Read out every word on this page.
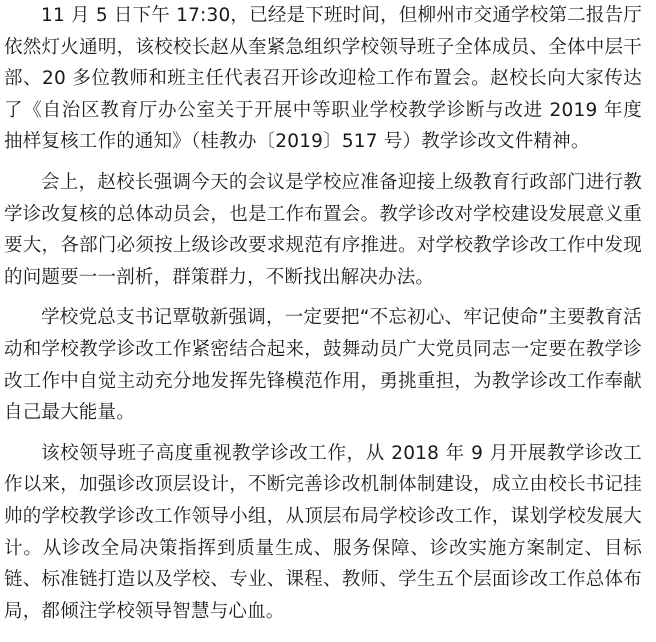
11 月 5 日下午 17:30，已经是下班时间，但柳州市交通学校第二报告厅依然灯火通明，该校校长赵从奎紧急组织学校领导班子全体成员、全体中层干部、20 多位教师和班主任代表召开诊改迎检工作布置会。赵校长向大家传达了《自治区教育厅办公室关于开展中等职业学校教学诊断与改进 2019 年度抽样复核工作的通知》（桂教办〔2019〕517 号）教学诊改文件精神。

会上，赵校长强调今天的会议是学校应准备迎接上级教育行政部门进行教学诊改复核的总体动员会，也是工作布置会。教学诊改对学校建设发展意义重要大，各部门必须按上级诊改要求规范有序推进。对学校教学诊改工作中发现的问题要一一剖析，群策群力，不断找出解决办法。

学校党总支书记覃敬新强调，一定要把“不忘初心、牢记使命”主要教育活动和学校教学诊改工作紧密结合起来，鼓舞动员广大党员同志一定要在教学诊改工作中自觉主动充分地发挥先锋模范作用，勇挑重担，为教学诊改工作奉献自己最大能量。

该校领导班子高度重视教学诊改工作，从 2018 年 9 月开展教学诊改工作以来，加强诊改顶层设计，不断完善诊改机制体制建设，成立由校长书记挂帅的学校教学诊改工作领导小组，从顶层布局学校诊改工作，谋划学校发展大计。从诊改全局决策指挥到质量生成、服务保障、诊改实施方案制定、目标链、标准链打造以及学校、专业、课程、教师、学生五个层面诊改工作总体布局，都倾注学校领导智慧与心血。
